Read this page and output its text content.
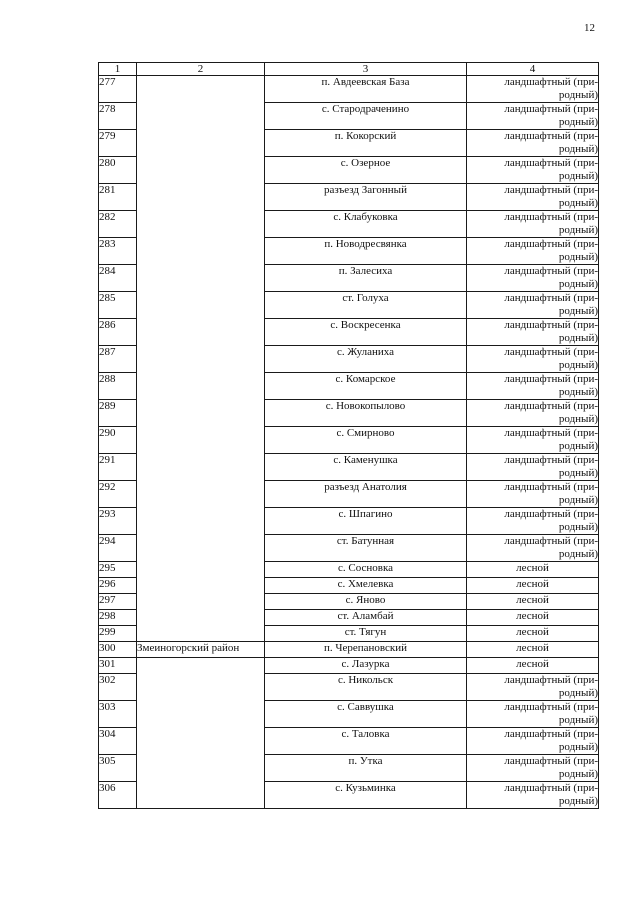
12
1	2	3	4
277		п. Авдеевская База	ландшафтный (при-
родный)

278		с. Стародраченино	ландшафтный (при-
родный)

279		п. Кокорский	ландшафтный (при-
родный)

280		с. Озерное	ландшафтный (при-
родный)

281		разъезд Загонный	ландшафтный (при-
родный)

282		с. Клабуковка	ландшафтный (при-
родный)

283		п. Новодресвянка	ландшафтный (при-
родный)

284		п. Залесиха	ландшафтный (при-
родный)

285		ст. Голуха	ландшафтный (при-
родный)

286		с. Воскресенка	ландшафтный (при-
родный)

287		с. Жуланиха	ландшафтный (при-
родный)

288		с. Комарское	ландшафтный (при-
родный)

289		с. Новокопылово	ландшафтный (при-
родный)

290		с. Смирново	ландшафтный (при-
родный)

291		с. Каменушка	ландшафтный (при-
родный)

292		разъезд Анатолия	ландшафтный (при-
родный)

293		с. Шпагино	ландшафтный (при-
родный)

294		ст. Батунная	ландшафтный (при-
родный)

295		с. Сосновка	лесной

296		с. Хмелевка	лесной

297		с. Яново	лесной

298		ст. Аламбай	лесной

299		ст. Тягун	лесной

300	Змеиногорский район	п. Черепановский	лесной

301		с. Лазурка	лесной

302		с. Никольск	ландшафтный (при-
родный)

303		с. Саввушка	ландшафтный (при-
родный)

304		с. Таловка	ландшафтный (при-
родный)

305		п. Утка	ландшафтный (при-
родный)

306		с. Кузьминка	ландшафтный (при-
родный)
